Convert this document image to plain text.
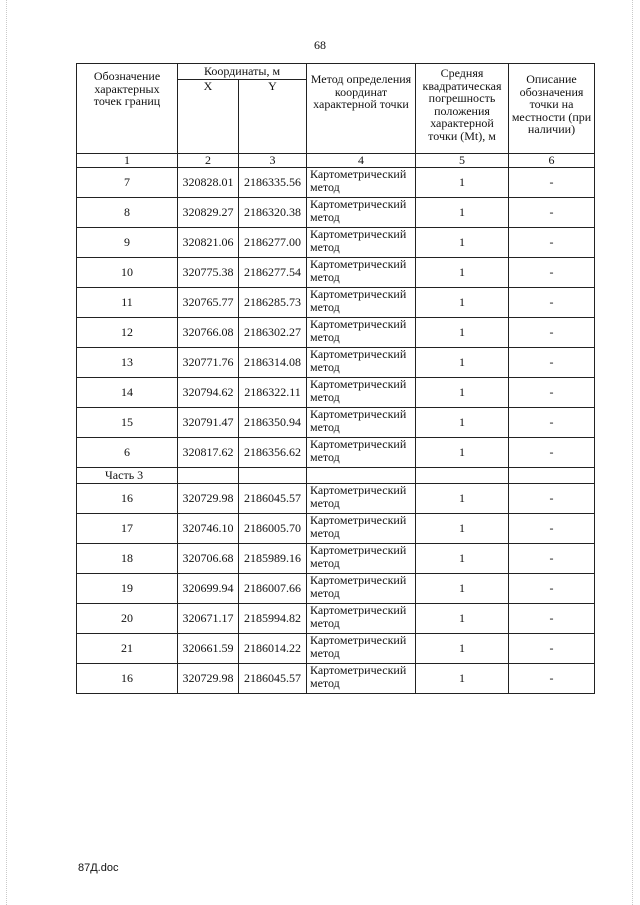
68
Обозначение характерных точек границ	Координаты, м		Метод определения координат характерной точки	Средняя квадратическая погрешность положения характерной точки (Mt), м	Описание обозначения точки на местности (при наличии)
	X	Y			
1	2	3	4	5	6
7	320828.01	2186335.56	Картометрический метод	1	-
8	320829.27	2186320.38	Картометрический метод	1	-
9	320821.06	2186277.00	Картометрический метод	1	-
10	320775.38	2186277.54	Картометрический метод	1	-
11	320765.77	2186285.73	Картометрический метод	1	-
12	320766.08	2186302.27	Картометрический метод	1	-
13	320771.76	2186314.08	Картометрический метод	1	-
14	320794.62	2186322.11	Картометрический метод	1	-
15	320791.47	2186350.94	Картометрический метод	1	-
6	320817.62	2186356.62	Картометрический метод	1	-
Часть 3					
16	320729.98	2186045.57	Картометрический метод	1	-
17	320746.10	2186005.70	Картометрический метод	1	-
18	320706.68	2185989.16	Картометрический метод	1	-
19	320699.94	2186007.66	Картометрический метод	1	-
20	320671.17	2185994.82	Картометрический метод	1	-
21	320661.59	2186014.22	Картометрический метод	1	-
16	320729.98	2186045.57	Картометрический метод	1	-
87Д.doc
